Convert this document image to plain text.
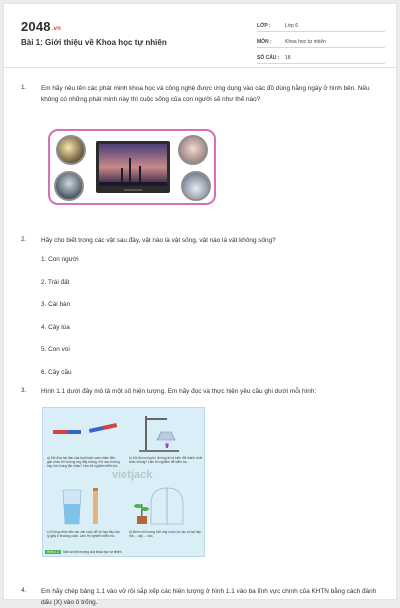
2048.vn
Bài 1: Giới thiệu về Khoa học tự nhiên
LỚP :	Lớp 6
MÔN :	Khoa học tự nhiên
SỐ CÂU :	18
1.	Em hãy nêu tên các phát minh khoa học và công nghệ được ứng dụng vào các đồ dùng hằng ngày ở hình bên. Nếu không có những phát minh này thì cuộc sống của con người sẽ như thế nào?
2.	Hãy cho biết trong các vật sau đây, vật nào là vật sống, vật nào là vật không sống?
1. Con người
2. Trái đất
3. Cái bàn
4. Cây lúa
5. Con voi
6. Cây cầu
3.	Hình 1.1 dưới đây mô tả một số hiện tượng. Em hãy đọc và thực hiện yêu cầu ghi dưới mỗi hình:
a) Khi đưa hai đầu của hai thanh nam châm đến gần nhau thì hướng hay đẩy chúng. Khi nào hướng hay hút chúng lẫn nhau? Làm thí nghiệm kiểm tra.
b) Khi đun nóng thì đường ăn bị biến đổi thành chất khác không? Làm thí nghiệm để kiểm tra.
c) Không nhấn đều tạo văn cuộc để ép hay đây vào ly giấy ở khoảng cách. Làm thí nghiệm kiểm tra.
d) Đem một lượng thôi ống nước lúc tạo ra hai hay hút ... cây ... vào.
vietjack
Hình 1.1 Một số hiện tượng của khoa học tự nhiên
4.	Em hãy chép bảng 1.1 vào vở rồi sắp xếp các hiện tượng ở hình 1.1 vào ba lĩnh vực chính của KHTN bằng cách đánh dấu (X) vào ô trống.
